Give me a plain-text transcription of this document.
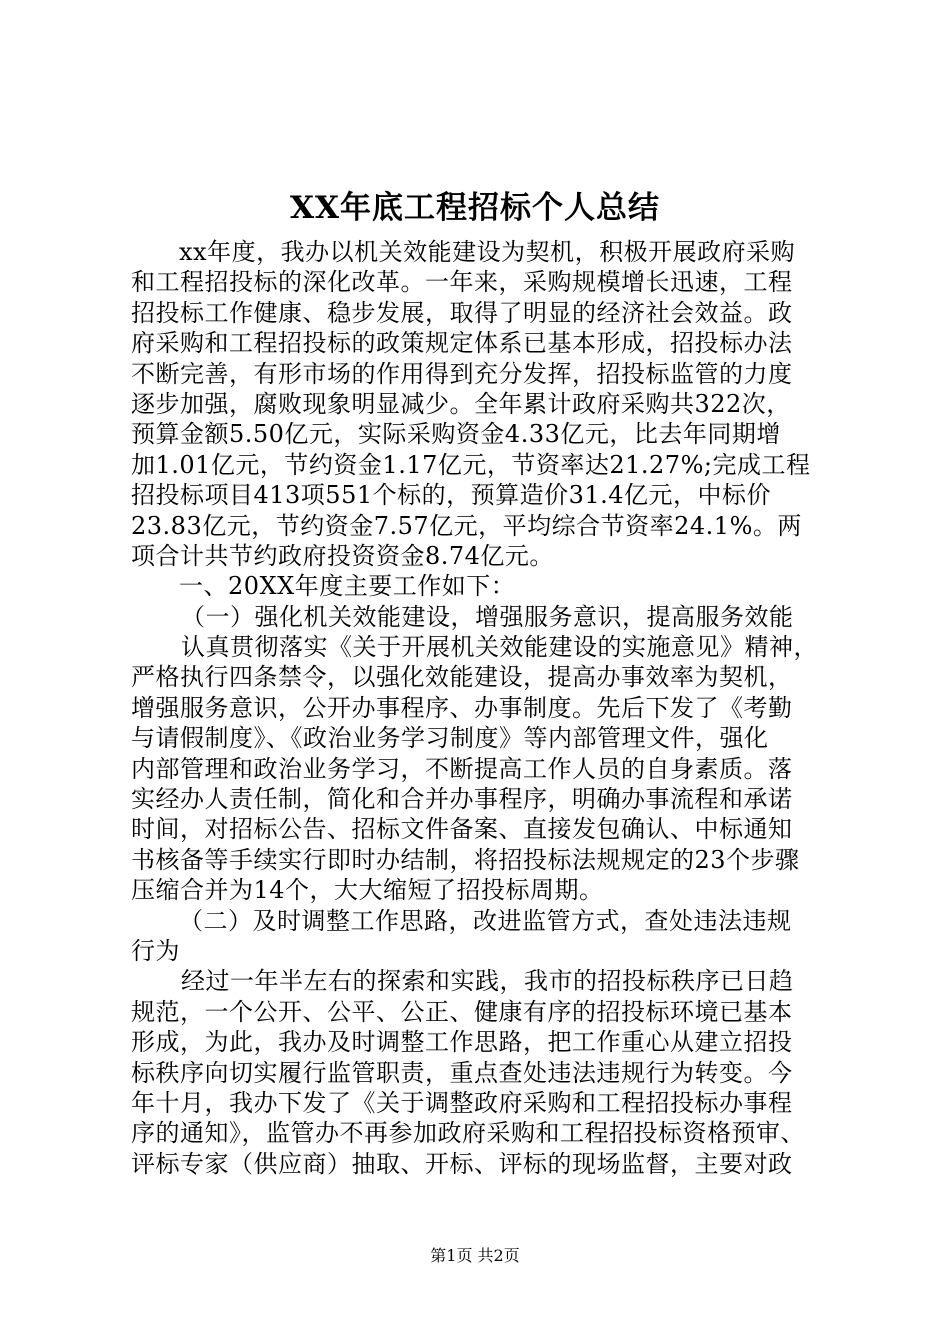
XX年底工程招标个人总结
xx年度，我办以机关效能建设为契机，积极开展政府采购
和工程招投标的深化改革。一年来，采购规模增长迅速，工程
招投标工作健康、稳步发展，取得了明显的经济社会效益。政
府采购和工程招投标的政策规定体系已基本形成，招投标办法
不断完善，有形市场的作用得到充分发挥，招投标监管的力度
逐步加强，腐败现象明显减少。全年累计政府采购共322次，
预算金额5.50亿元，实际采购资金4.33亿元，比去年同期增
加1.01亿元，节约资金1.17亿元，节资率达21.27%;完成工程
招投标项目413项551个标的，预算造价31.4亿元，中标价
23.83亿元，节约资金7.57亿元，平均综合节资率24.1%。两
项合计共节约政府投资资金8.74亿元。
一、20XX年度主要工作如下：
（一）强化机关效能建设，增强服务意识，提高服务效能
认真贯彻落实《关于开展机关效能建设的实施意见》精神，
严格执行四条禁令，以强化效能建设，提高办事效率为契机，
增强服务意识，公开办事程序、办事制度。先后下发了《考勤
与请假制度》、《政治业务学习制度》等内部管理文件，强化
内部管理和政治业务学习，不断提高工作人员的自身素质。落
实经办人责任制，简化和合并办事程序，明确办事流程和承诺
时间，对招标公告、招标文件备案、直接发包确认、中标通知
书核备等手续实行即时办结制，将招投标法规规定的23个步骤
压缩合并为14个，大大缩短了招投标周期。
（二）及时调整工作思路，改进监管方式，查处违法违规
行为
经过一年半左右的探索和实践，我市的招投标秩序已日趋
规范，一个公开、公平、公正、健康有序的招投标环境已基本
形成，为此，我办及时调整工作思路，把工作重心从建立招投
标秩序向切实履行监管职责，重点查处违法违规行为转变。今
年十月，我办下发了《关于调整政府采购和工程招投标办事程
序的通知》，监管办不再参加政府采购和工程招投标资格预审、
评标专家（供应商）抽取、开标、评标的现场监督，主要对政
第1页 共2页
